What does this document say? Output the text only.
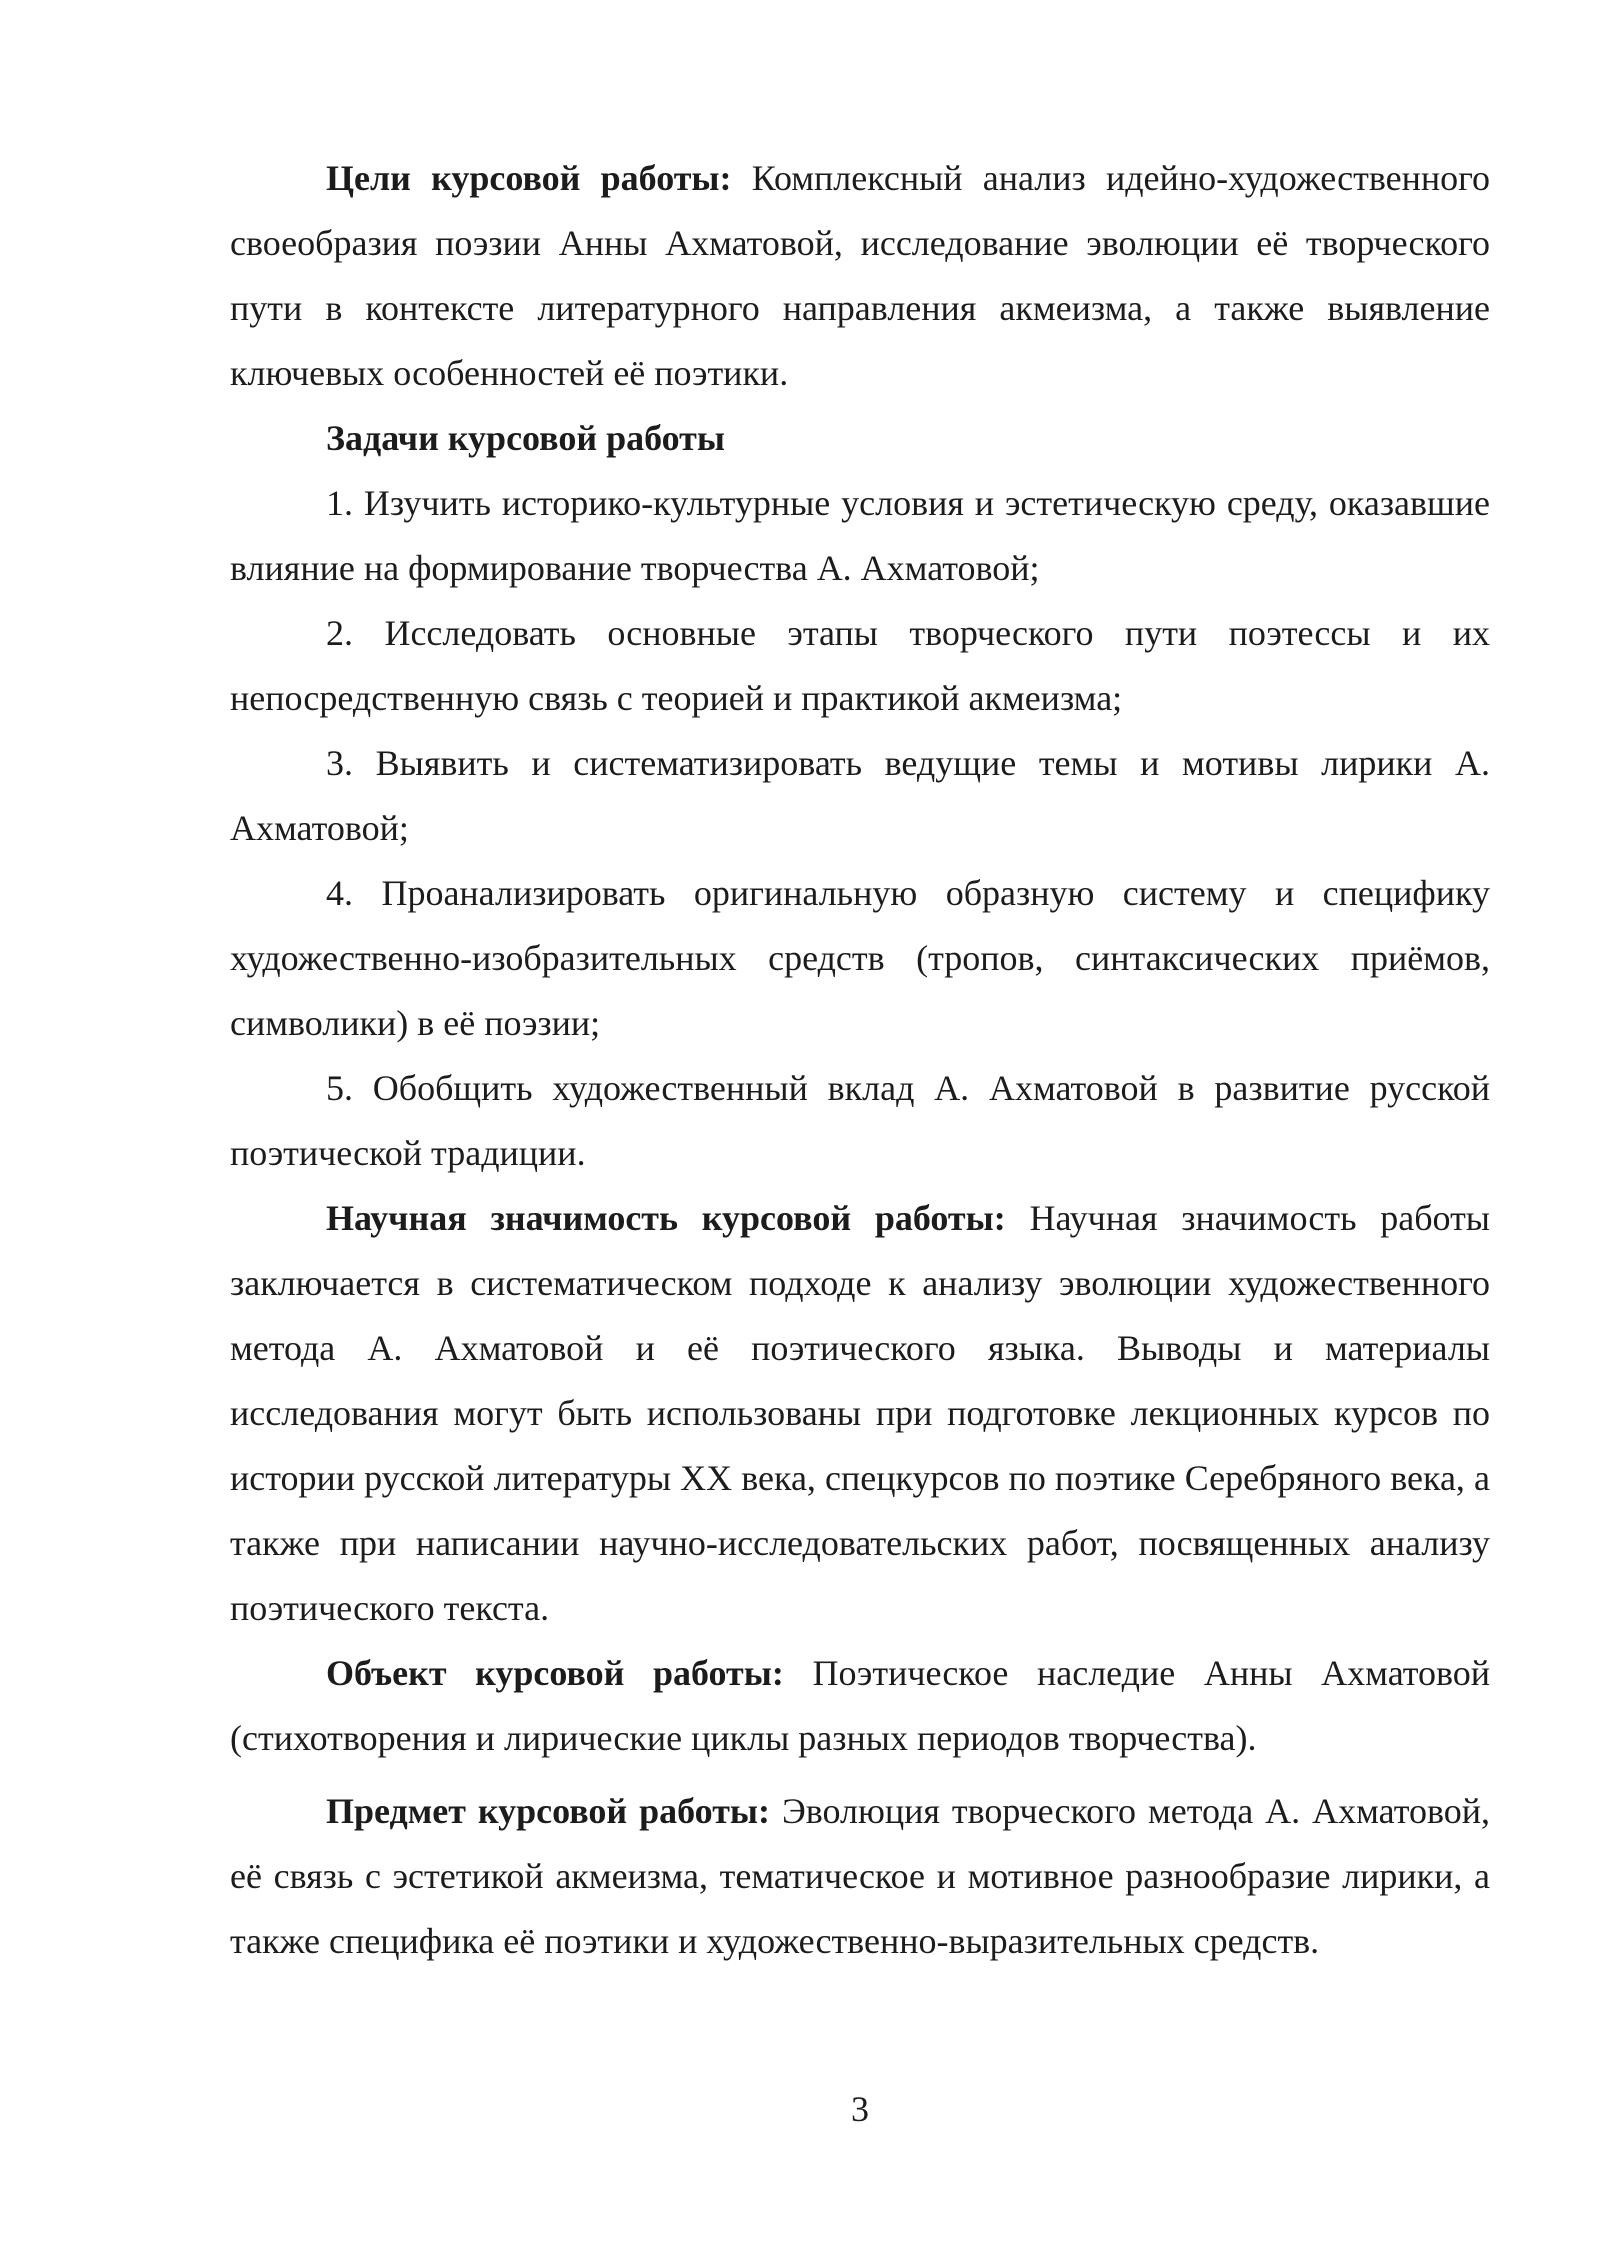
Цели курсовой работы: Комплексный анализ идейно-художественного своеобразия поэзии Анны Ахматовой, исследование эволюции её творческого пути в контексте литературного направления акмеизма, а также выявление ключевых особенностей её поэтики.

Задачи курсовой работы

1. Изучить историко-культурные условия и эстетическую среду, оказавшие влияние на формирование творчества А. Ахматовой;

2. Исследовать основные этапы творческого пути поэтессы и их непосредственную связь с теорией и практикой акмеизма;

3. Выявить и систематизировать ведущие темы и мотивы лирики А. Ахматовой;

4. Проанализировать оригинальную образную систему и специфику художественно-изобразительных средств (тропов, синтаксических приёмов, символики) в её поэзии;

5. Обобщить художественный вклад А. Ахматовой в развитие русской поэтической традиции.

Научная значимость курсовой работы: Научная значимость работы заключается в систематическом подходе к анализу эволюции художественного метода А. Ахматовой и её поэтического языка. Выводы и материалы исследования могут быть использованы при подготовке лекционных курсов по истории русской литературы XX века, спецкурсов по поэтике Серебряного века, а также при написании научно-исследовательских работ, посвященных анализу поэтического текста.

Объект курсовой работы: Поэтическое наследие Анны Ахматовой (стихотворения и лирические циклы разных периодов творчества).

Предмет курсовой работы: Эволюция творческого метода А. Ахматовой, её связь с эстетикой акмеизма, тематическое и мотивное разнообразие лирики, а также специфика её поэтики и художественно-выразительных средств.

3
